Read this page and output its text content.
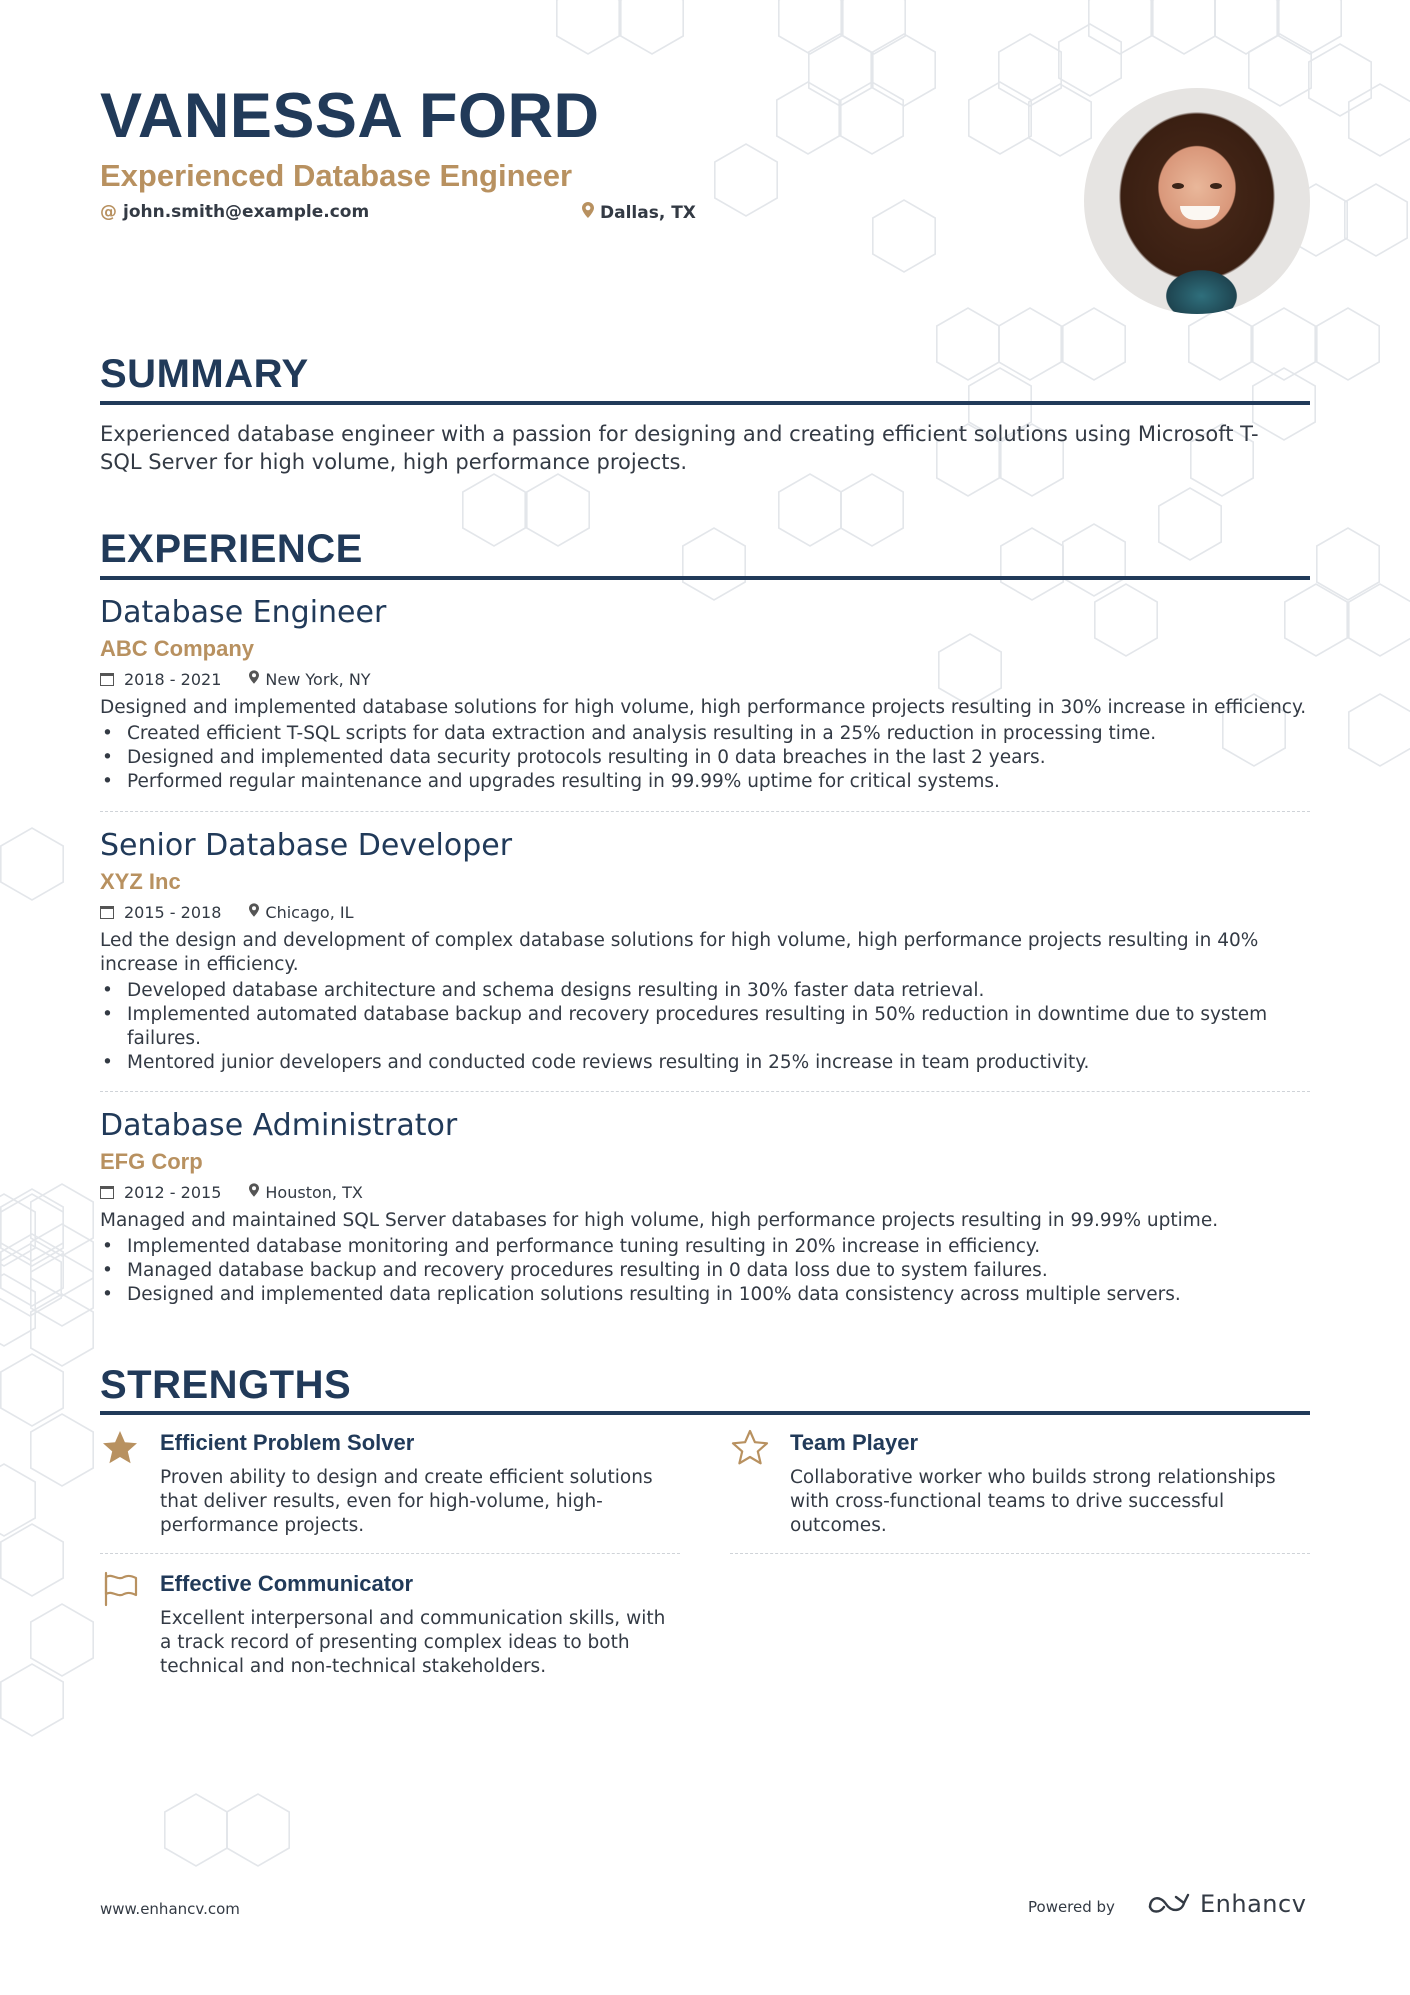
VANESSA FORD
Experienced Database Engineer
@ john.smith@example.com	Dallas, TX
SUMMARY

Experienced database engineer with a passion for designing and creating efficient solutions using Microsoft T-SQL Server for high volume, high performance projects.

EXPERIENCE
Database Engineer
ABC Company
2018 - 2021	New York, NY
Designed and implemented database solutions for high volume, high performance projects resulting in 30% increase in efficiency.
• Created efficient T-SQL scripts for data extraction and analysis resulting in a 25% reduction in processing time.
• Designed and implemented data security protocols resulting in 0 data breaches in the last 2 years.
• Performed regular maintenance and upgrades resulting in 99.99% uptime for critical systems.
Senior Database Developer
XYZ Inc
2015 - 2018	Chicago, IL
Led the design and development of complex database solutions for high volume, high performance projects resulting in 40% increase in efficiency.
• Developed database architecture and schema designs resulting in 30% faster data retrieval.
• Implemented automated database backup and recovery procedures resulting in 50% reduction in downtime due to system failures.
• Mentored junior developers and conducted code reviews resulting in 25% increase in team productivity.
Database Administrator
EFG Corp
2012 - 2015	Houston, TX
Managed and maintained SQL Server databases for high volume, high performance projects resulting in 99.99% uptime.
• Implemented database monitoring and performance tuning resulting in 20% increase in efficiency.
• Managed database backup and recovery procedures resulting in 0 data loss due to system failures.
• Designed and implemented data replication solutions resulting in 100% data consistency across multiple servers.
STRENGTHS
Efficient Problem Solver
Proven ability to design and create efficient solutions that deliver results, even for high-volume, high-performance projects.
Team Player
Collaborative worker who builds strong relationships with cross-functional teams to drive successful outcomes.
Effective Communicator
Excellent interpersonal and communication skills, with a track record of presenting complex ideas to both technical and non-technical stakeholders.
www.enhancv.com	Powered by	Enhancv
